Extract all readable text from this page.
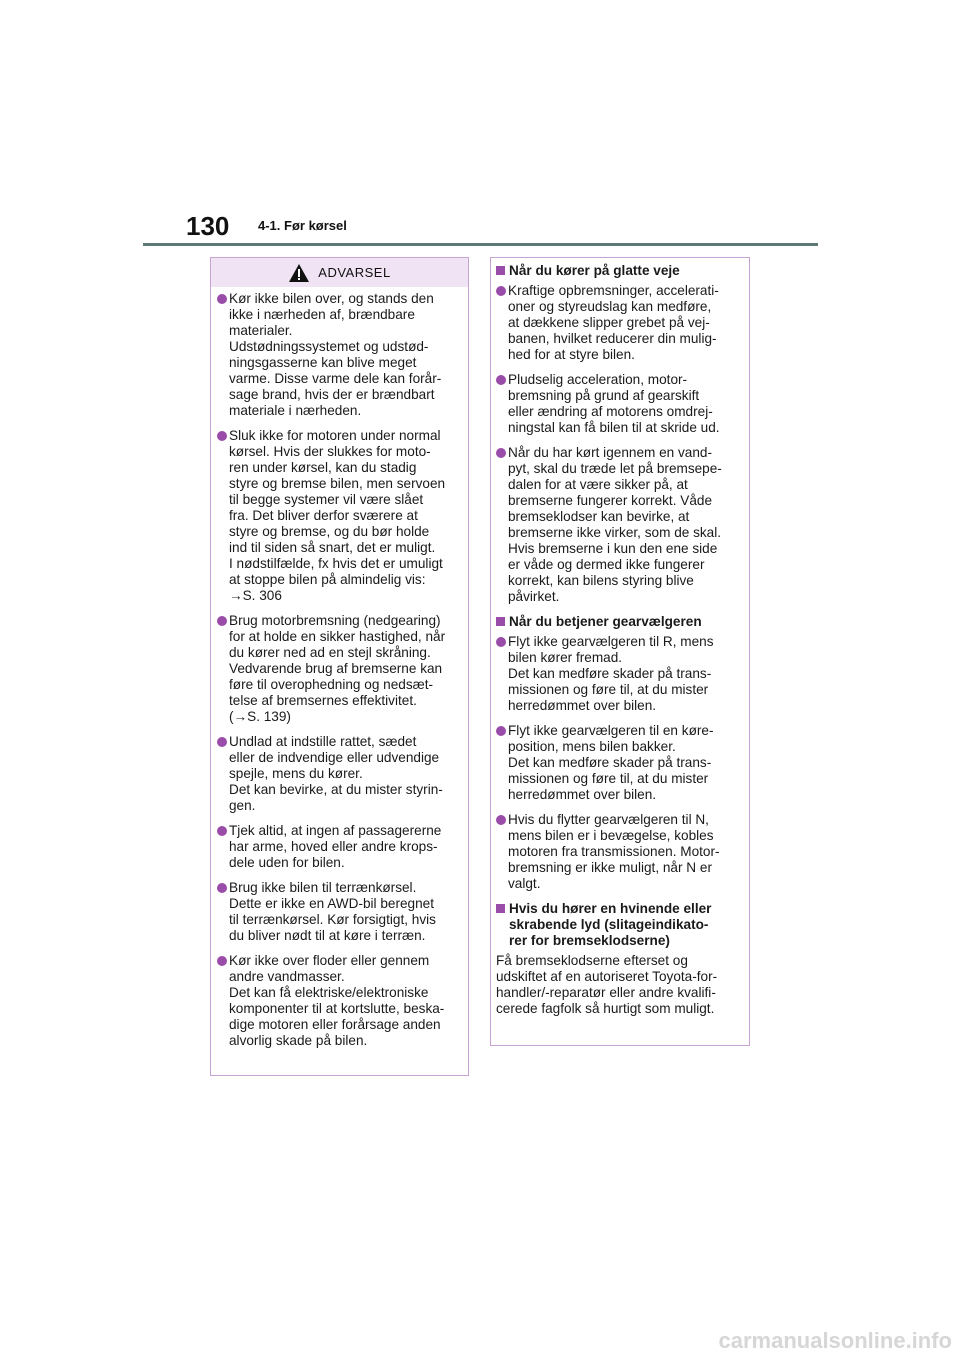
130 4-1. Før kørsel
ADVARSEL
Kør ikke bilen over, og stands den
ikke i nærheden af, brændbare
materialer.
Udstødningssystemet og udstød-
ningsgasserne kan blive meget
varme. Disse varme dele kan forår-
sage brand, hvis der er brændbart
materiale i nærheden.
Sluk ikke for motoren under normal
kørsel. Hvis der slukkes for moto-
ren under kørsel, kan du stadig
styre og bremse bilen, men servoen
til begge systemer vil være slået
fra. Det bliver derfor sværere at
styre og bremse, og du bør holde
ind til siden så snart, det er muligt.
I nødstilfælde, fx hvis det er umuligt
at stoppe bilen på almindelig vis:
→S. 306
Brug motorbremsning (nedgearing)
for at holde en sikker hastighed, når
du kører ned ad en stejl skråning.
Vedvarende brug af bremserne kan
føre til overophedning og nedsæt-
telse af bremsernes effektivitet.
(→S. 139)
Undlad at indstille rattet, sædet
eller de indvendige eller udvendige
spejle, mens du kører.
Det kan bevirke, at du mister styrin-
gen.
Tjek altid, at ingen af passagererne
har arme, hoved eller andre krops-
dele uden for bilen.
Brug ikke bilen til terrænkørsel.
Dette er ikke en AWD-bil beregnet
til terrænkørsel. Kør forsigtigt, hvis
du bliver nødt til at køre i terræn.
Kør ikke over floder eller gennem
andre vandmasser.
Det kan få elektriske/elektroniske
komponenter til at kortslutte, beska-
dige motoren eller forårsage anden
alvorlig skade på bilen.
Når du kører på glatte veje
Kraftige opbremsninger, accelerati-
oner og styreudslag kan medføre,
at dækkene slipper grebet på vej-
banen, hvilket reducerer din mulig-
hed for at styre bilen.
Pludselig acceleration, motor-
bremsning på grund af gearskift
eller ændring af motorens omdrej-
ningstal kan få bilen til at skride ud.
Når du har kørt igennem en vand-
pyt, skal du træde let på bremsepe-
dalen for at være sikker på, at
bremserne fungerer korrekt. Våde
bremseklodser kan bevirke, at
bremserne ikke virker, som de skal.
Hvis bremserne i kun den ene side
er våde og dermed ikke fungerer
korrekt, kan bilens styring blive
påvirket.
Når du betjener gearvælgeren
Flyt ikke gearvælgeren til R, mens
bilen kører fremad.
Det kan medføre skader på trans-
missionen og føre til, at du mister
herredømmet over bilen.
Flyt ikke gearvælgeren til en køre-
position, mens bilen bakker.
Det kan medføre skader på trans-
missionen og føre til, at du mister
herredømmet over bilen.
Hvis du flytter gearvælgeren til N,
mens bilen er i bevægelse, kobles
motoren fra transmissionen. Motor-
bremsning er ikke muligt, når N er
valgt.
Hvis du hører en hvinende eller
skrabende lyd (slitageindikato-
rer for bremseklodserne)
Få bremseklodserne efterset og
udskiftet af en autoriseret Toyota-for-
handler/-reparatør eller andre kvalifi-
cerede fagfolk så hurtigt som muligt.
carmanualsonline.info
